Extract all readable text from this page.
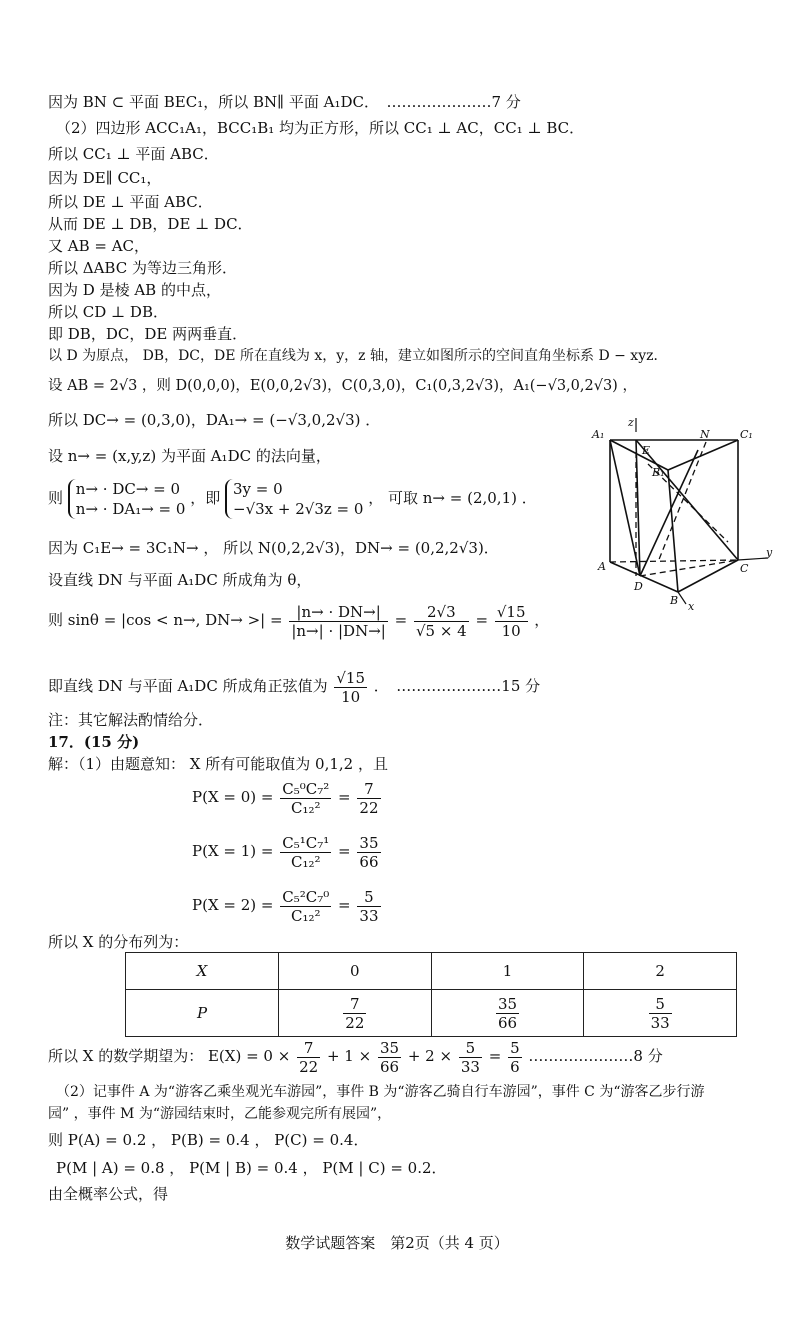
因为 BN ⊂ 平面 BEC₁，所以 BN∥ 平面 A₁DC．　…………………7 分
（2）四边形 ACC₁A₁，BCC₁B₁ 均为正方形，所以 CC₁ ⊥ AC，CC₁ ⊥ BC．
所以 CC₁ ⊥ 平面 ABC．
因为 DE∥ CC₁，
所以 DE ⊥ 平面 ABC．
从而 DE ⊥ DB，DE ⊥ DC．
又 AB = AC，
所以 ΔABC 为等边三角形．
因为 D 是棱 AB 的中点，
所以 CD ⊥ DB．
即 DB，DC，DE 两两垂直．
以 D 为原点， DB，DC，DE 所在直线为 x，y，z 轴，建立如图所示的空间直角坐标系 D − xyz．
设 AB = 2√3 ，则 D(0,0,0)，E(0,0,2√3)，C(0,3,0)，C₁(0,3,2√3)，A₁(−√3,0,2√3) ，
所以 DC→ = (0,3,0)，DA₁→ = (−√3,0,2√3) ．
设 n→ = (x,y,z) 为平面 A₁DC 的法向量，
则 n→ · DC→ = 0
n→ · DA₁→ = 0
，即 3y = 0
−√3x + 2√3z = 0
， 可取 n→ = (2,0,1) ．
因为 C₁E→ = 3C₁N→ ， 所以 N(0,2,2√3)，DN→ = (0,2,2√3)．
设直线 DN 与平面 A₁DC 所成角为 θ，
则 sinθ = |cos < n→, DN→ >| = $\frac{|n\to \cdot DN\to|}{|n\to| \cdot |DN\to|} = \frac{2√3}{√5 \times 4} = \frac{√15}{10}$ ，
即直线 DN 与平面 A₁DC 所成角正弦值为 $\frac{√15}{10}$ ．　…………………15 分
注：其它解法酌情给分．
17．(15 分)
解：（1）由题意知： X 所有可能取值为 0,1,2 ，且
$P(X = 0) = \frac{\text{C₅⁰C₇²}}{\text{C₁₂²}} = \frac{7}{22}$
$P(X = 1) = \frac{\text{C₅¹C₇¹}}{\text{C₁₂²}} = \frac{35}{66}$
$P(X = 2) = \frac{\text{C₅²C₇⁰}}{\text{C₁₂²}} = \frac{5}{33}$
所以 X 的分布列为：
X	0	1	2
P	$\frac{7}{22}$	$\frac{35}{66}$	$\frac{5}{33}$
所以 X 的数学期望为： $E(X) = 0 \times \frac{7}{22} + 1 \times \frac{35}{66} + 2 \times \frac{5}{33} = \frac{5}{6}$ …………………8 分
（2）记事件 A 为“游客乙乘坐观光车游园”，事件 B 为“游客乙骑自行车游园”，事件 C 为“游客乙步行游
园” ，事件 M 为“游园结束时，乙能参观完所有展园”，
则 P(A) = 0.2 ， P(B) = 0.4 ， P(C) = 0.4．
P(M | A) = 0.8 ， P(M | B) = 0.4 ， P(M | C) = 0.2．
由全概率公式，得
A₁
E
N	C₁
B₁
A
D
C
B x
y
z
数学试题答案　第2页（共 4 页）
